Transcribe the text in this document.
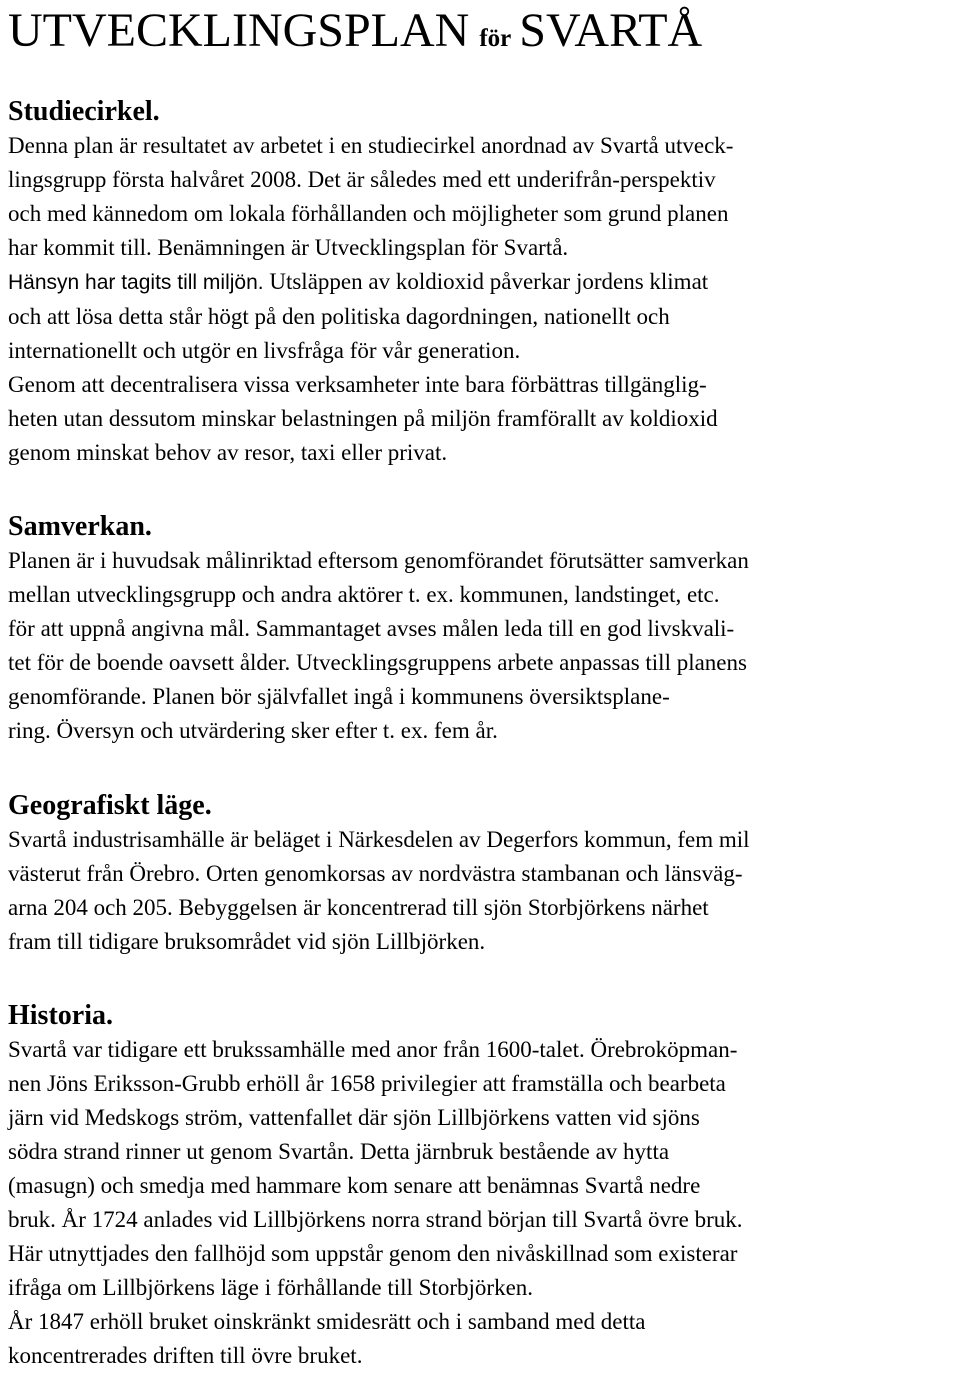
UTVECKLINGSPLAN för SVARTÅ
Studiecirkel.
Denna plan är resultatet av arbetet i en studiecirkel anordnad av Svartå utveck-
lingsgrupp första halvåret 2008. Det är således med ett underifrån-perspektiv
och med kännedom om lokala förhållanden och möjligheter som grund planen
har kommit till. Benämningen är Utvecklingsplan för Svartå.
Hänsyn har tagits till miljön. Utsläppen av koldioxid påverkar jordens klimat
och att lösa detta står högt på den politiska dagordningen, nationellt och
internationellt och utgör en livsfråga för vår generation.
Genom att decentralisera vissa verksamheter inte bara förbättras tillgänglig-
heten utan dessutom minskar belastningen på miljön framförallt av koldioxid
genom minskat behov av resor, taxi eller privat.
Samverkan.
Planen är i huvudsak målinriktad eftersom genomförandet förutsätter samverkan
mellan utvecklingsgrupp och andra aktörer t. ex. kommunen, landstinget, etc.
för att uppnå angivna mål. Sammantaget avses målen leda till en god livskvali-
tet för de boende oavsett ålder. Utvecklingsgruppens arbete anpassas till planens
genomförande. Planen bör självfallet ingå i kommunens översiktsplane-
ring. Översyn och utvärdering sker efter t. ex. fem år.
Geografiskt läge.
Svartå industrisamhälle är beläget i Närkesdelen av Degerfors kommun, fem mil
västerut från Örebro. Orten genomkorsas av nordvästra stambanan och länsväg-
arna 204 och 205. Bebyggelsen är koncentrerad till sjön Storbjörkens närhet
fram till tidigare bruksområdet vid sjön Lillbjörken.
Historia.
Svartå var tidigare ett brukssamhälle med anor från 1600-talet. Örebroköpman-
nen Jöns Eriksson-Grubb erhöll år 1658 privilegier att framställa och bearbeta
järn vid Medskogs ström, vattenfallet där sjön Lillbjörkens vatten vid sjöns
södra strand rinner ut genom Svartån. Detta järnbruk bestående av hytta
(masugn) och smedja med hammare kom senare att benämnas Svartå nedre
bruk. År 1724 anlades vid Lillbjörkens norra strand början till Svartå övre bruk.
Här utnyttjades den fallhöjd som uppstår genom den nivåskillnad som existerar
ifråga om Lillbjörkens läge i förhållande till Storbjörken.
År 1847 erhöll bruket oinskränkt smidesrätt och i samband med detta
koncentrerades driften till övre bruket.
